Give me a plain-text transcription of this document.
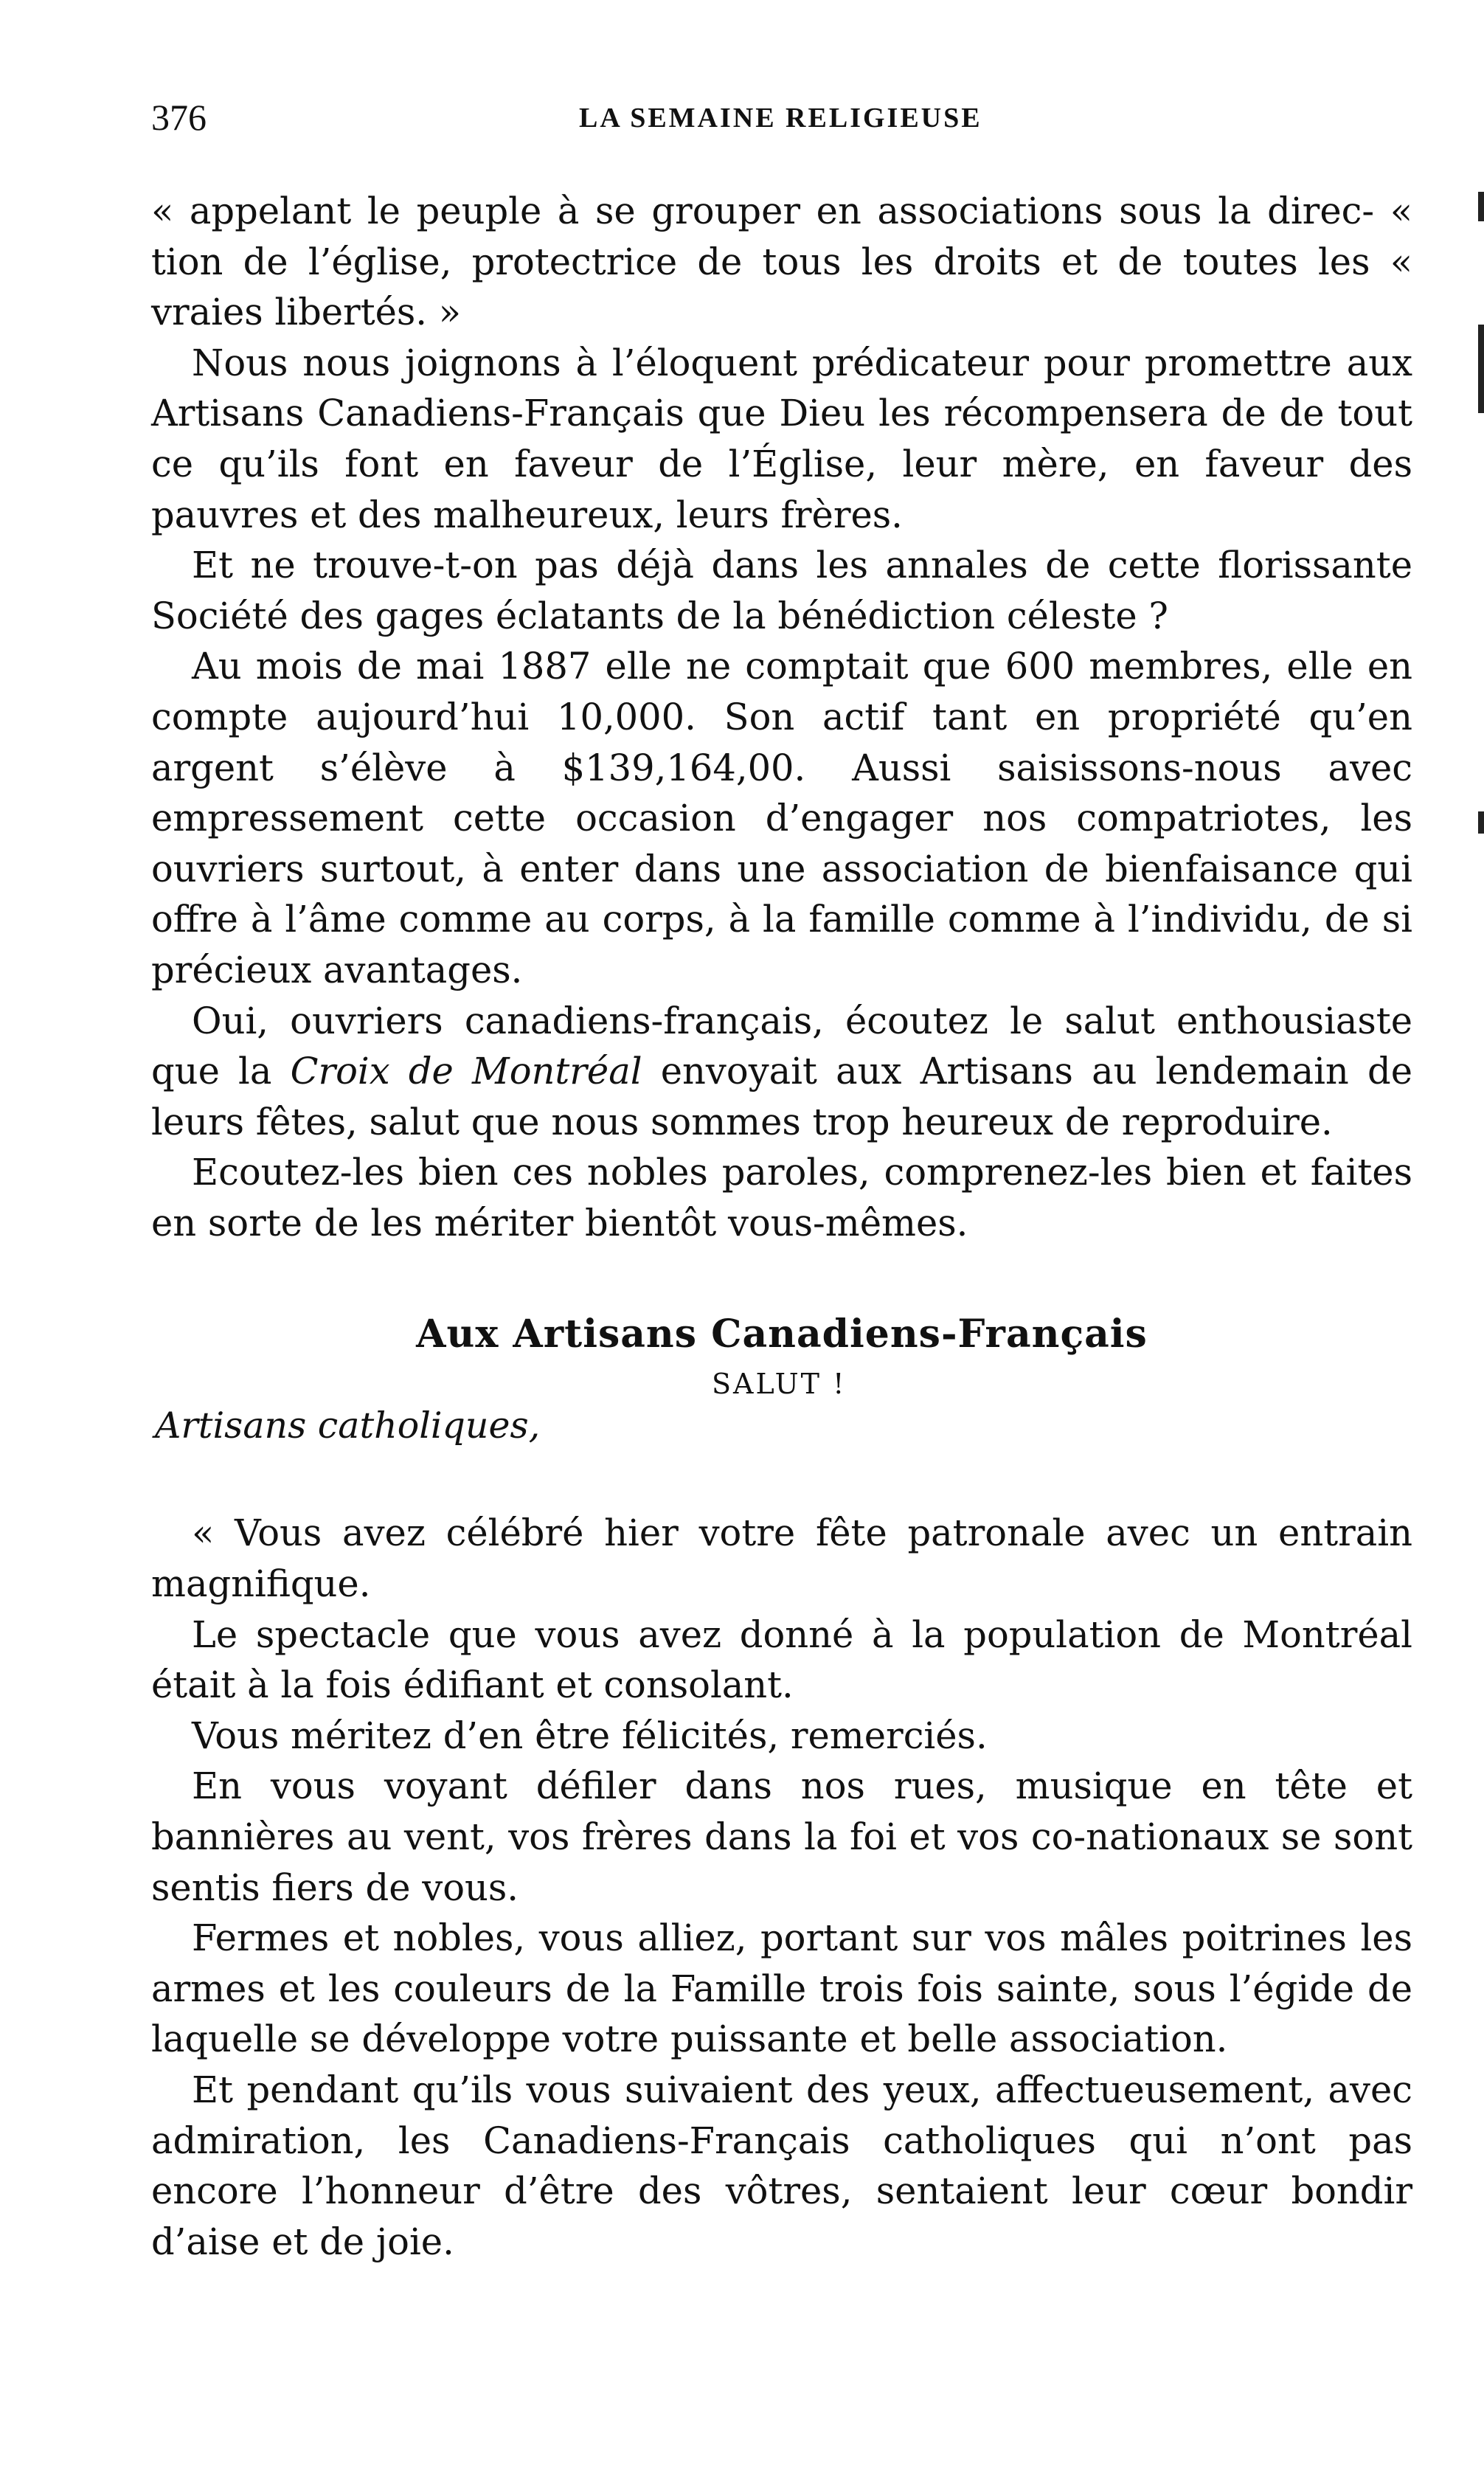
376	LA SEMAINE RELIGIEUSE

« appelant le peuple à se grouper en associations sous la direc- « tion de l’église, protectrice de tous les droits et de toutes les « vraies libertés. »

Nous nous joignons à l’éloquent prédicateur pour promettre aux Artisans Canadiens-Français que Dieu les récompensera de de tout ce qu’ils font en faveur de l’Église, leur mère, en faveur des pauvres et des malheureux, leurs frères.

Et ne trouve-t-on pas déjà dans les annales de cette florissante Société des gages éclatants de la bénédiction céleste ?

Au mois de mai 1887 elle ne comptait que 600 membres, elle en compte aujourd’hui 10,000. Son actif tant en propriété qu’en argent s’élève à $139,164,00. Aussi saisissons-nous avec empressement cette occasion d’engager nos compatriotes, les ouvriers surtout, à enter dans une association de bienfaisance qui offre à l’âme comme au corps, à la famille comme à l’individu, de si précieux avantages.

Oui, ouvriers canadiens-français, écoutez le salut enthousiaste que la Croix de Montréal envoyait aux Artisans au lendemain de leurs fêtes, salut que nous sommes trop heureux de reproduire.

Ecoutez-les bien ces nobles paroles, comprenez-les bien et faites en sorte de les mériter bientôt vous-mêmes.

Aux Artisans Canadiens-Français
SALUT !
Artisans catholiques,

« Vous avez célébré hier votre fête patronale avec un entrain magnifique.

Le spectacle que vous avez donné à la population de Montréal était à la fois édifiant et consolant.

Vous méritez d’en être félicités, remerciés.

En vous voyant défiler dans nos rues, musique en tête et bannières au vent, vos frères dans la foi et vos co-nationaux se sont sentis fiers de vous.

Fermes et nobles, vous alliez, portant sur vos mâles poitrines les armes et les couleurs de la Famille trois fois sainte, sous l’égide de laquelle se développe votre puissante et belle association.

Et pendant qu’ils vous suivaient des yeux, affectueusement, avec admiration, les Canadiens-Français catholiques qui n’ont pas encore l’honneur d’être des vôtres, sentaient leur cœur bondir d’aise et de joie.
